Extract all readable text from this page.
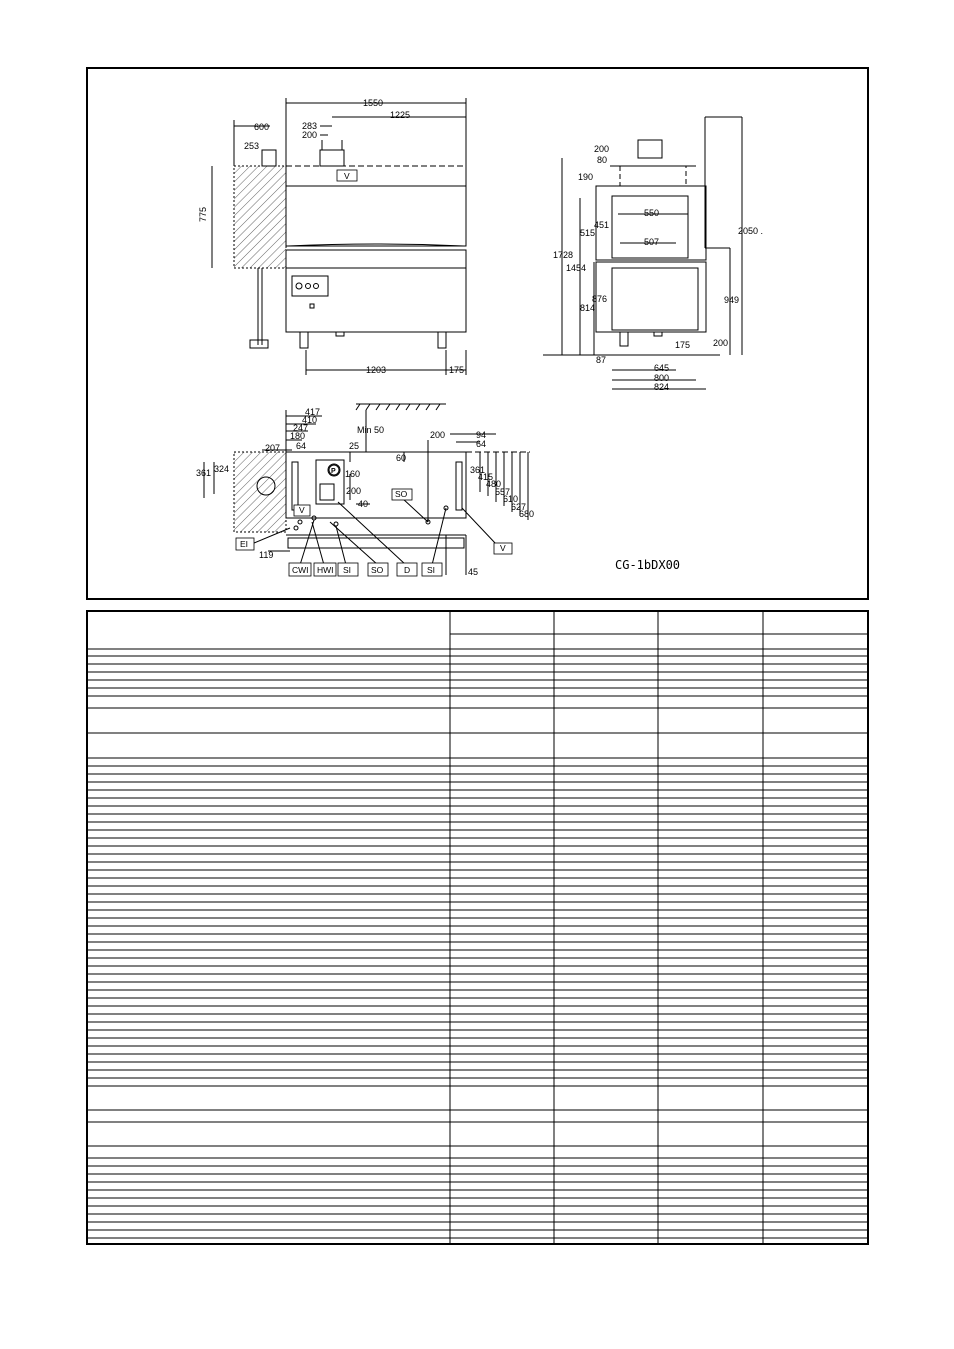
1550
1225
600	283
200
253
775
1203	175
V
200
80
190
515
451
550
507
1728
1454
876
814
2050 .
949
175	200
87
645
800
824
417
410
247
180
207 64
Min 50
25
60
200	94
64
361 324	160
200
40
361
415
480
557
610
627
680
119
45
P
EI
V
V
SO
CWI HWI SI SO D SI	CG-1bDX00
